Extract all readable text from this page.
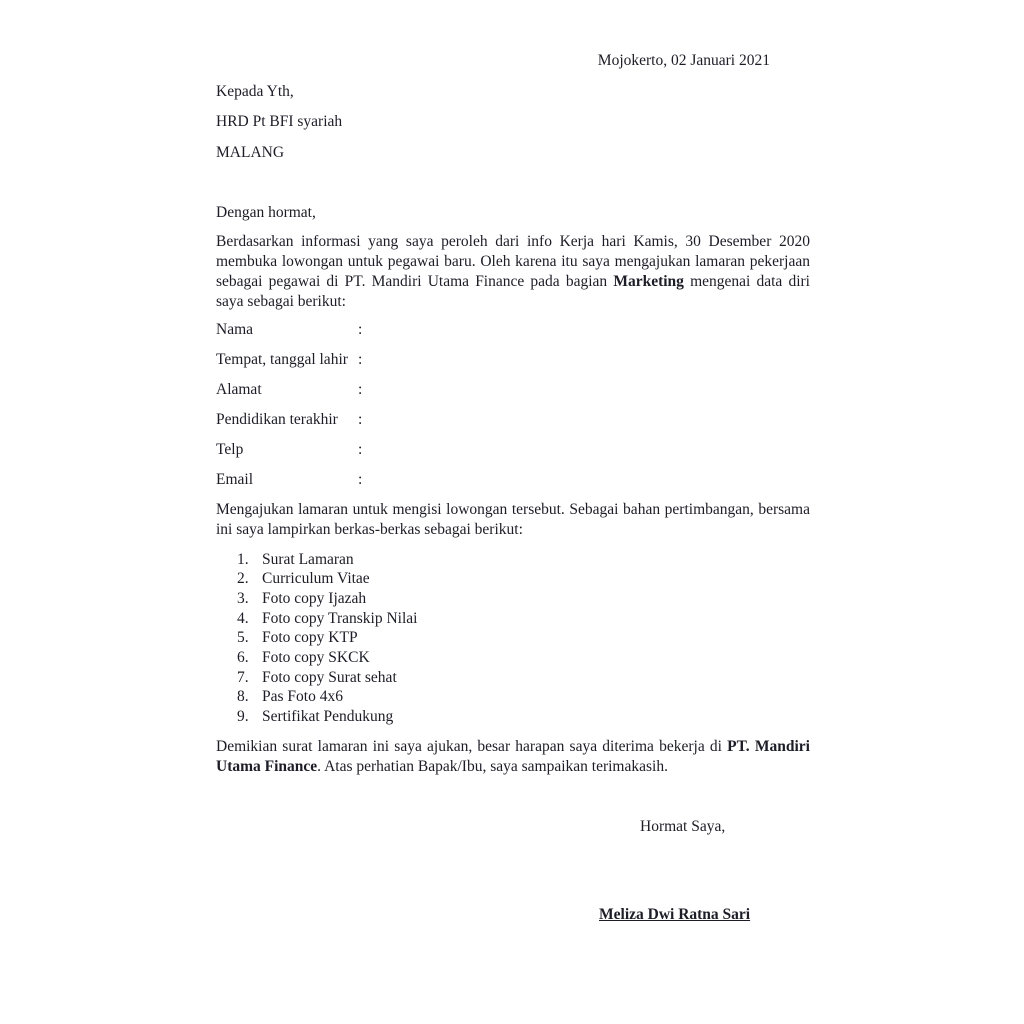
Mojokerto, 02 Januari 2021
Kepada Yth,
HRD Pt BFI syariah
MALANG
Dengan hormat,
Berdasarkan informasi yang saya peroleh dari info Kerja hari Kamis, 30 Desember 2020 membuka lowongan untuk pegawai baru. Oleh karena itu saya mengajukan lamaran pekerjaan sebagai pegawai di PT. Mandiri Utama Finance pada bagian Marketing mengenai data diri saya sebagai berikut:
Nama	:
Tempat, tanggal lahir :
Alamat	:
Pendidikan terakhir	:
Telp	:
Email	:
Mengajukan lamaran untuk mengisi lowongan tersebut. Sebagai bahan pertimbangan, bersama ini saya lampirkan berkas-berkas sebagai berikut:
1. Surat Lamaran
2. Curriculum Vitae
3. Foto copy Ijazah
4. Foto copy Transkip Nilai
5. Foto copy KTP
6. Foto copy SKCK
7. Foto copy Surat sehat
8. Pas Foto 4x6
9. Sertifikat Pendukung
Demikian surat lamaran ini saya ajukan, besar harapan saya diterima bekerja di PT. Mandiri Utama Finance. Atas perhatian Bapak/Ibu, saya sampaikan terimakasih.
Hormat Saya,
Meliza Dwi Ratna Sari
